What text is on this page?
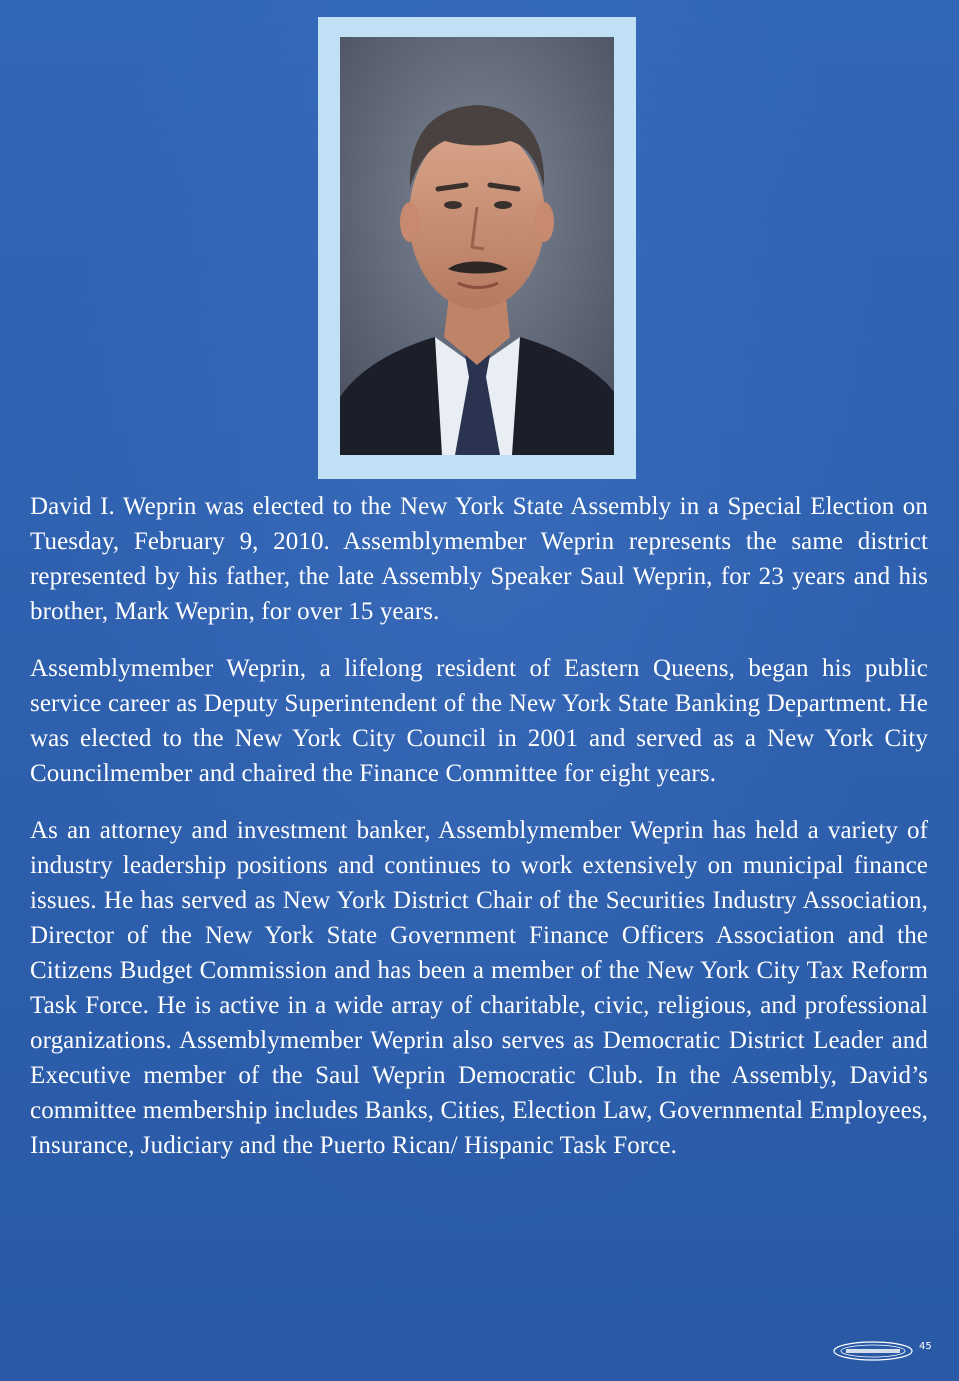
David I. Weprin was elected to the New York State Assembly in a Special Election on Tuesday, February 9, 2010. Assemblymember Weprin represents the same district represented by his father, the late Assembly Speaker Saul Weprin, for 23 years and his brother, Mark Weprin, for over 15 years.

Assemblymember Weprin, a lifelong resident of Eastern Queens, began his public service career as Deputy Superintendent of the New York State Banking Department. He was elected to the New York City Council in 2001 and served as a New York City Councilmember and chaired the Finance Committee for eight years.

As an attorney and investment banker, Assemblymember Weprin has held a variety of industry leadership positions and continues to work extensively on municipal finance issues. He has served as New York District Chair of the Securities Industry Association, Director of the New York State Government Finance Officers Association and the Citizens Budget Commission and has been a member of the New York City Tax Reform Task Force. He is active in a wide array of charitable, civic, religious, and professional organizations. Assemblymember Weprin also serves as Democratic District Leader and Executive member of the Saul Weprin Democratic Club. In the Assembly, David’s committee membership includes Banks, Cities, Election Law, Governmental Employees, Insurance, Judiciary and the Puerto Rican/ Hispanic Task Force.

45
